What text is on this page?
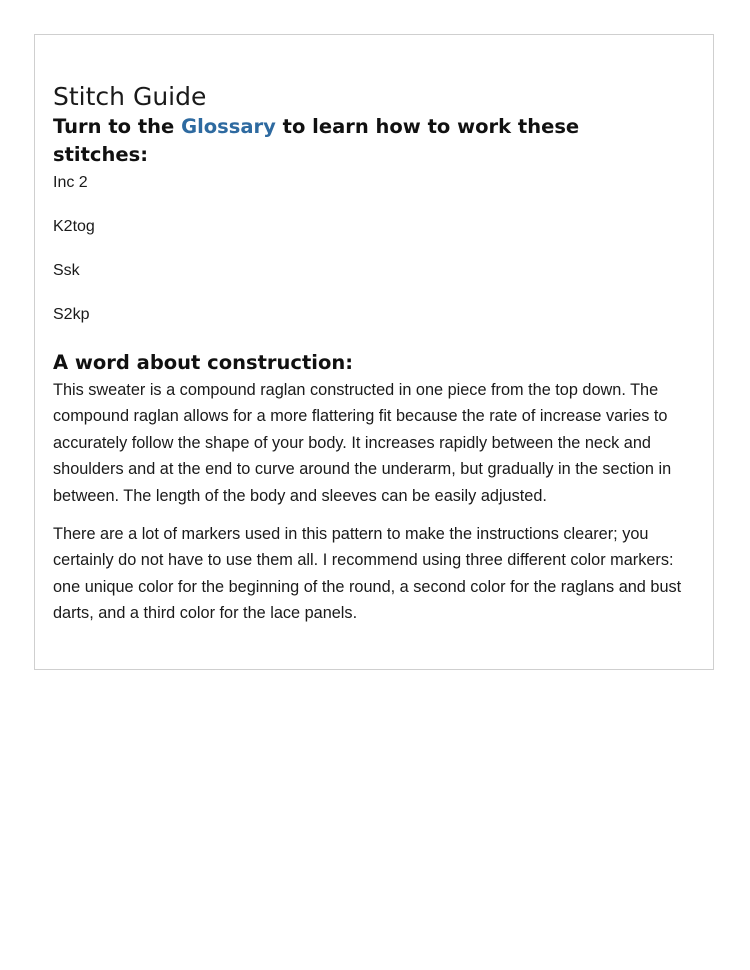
Stitch Guide
Turn to the Glossary to learn how to work these stitches:
Inc 2
K2tog
Ssk
S2kp
A word about construction:

This sweater is a compound raglan constructed in one piece from the top down. The compound raglan allows for a more flattering fit because the rate of increase varies to accurately follow the shape of your body. It increases rapidly between the neck and shoulders and at the end to curve around the underarm, but gradually in the section in between. The length of the body and sleeves can be easily adjusted.

There are a lot of markers used in this pattern to make the instructions clearer; you certainly do not have to use them all. I recommend using three different color markers: one unique color for the beginning of the round, a second color for the raglans and bust darts, and a third color for the lace panels.
